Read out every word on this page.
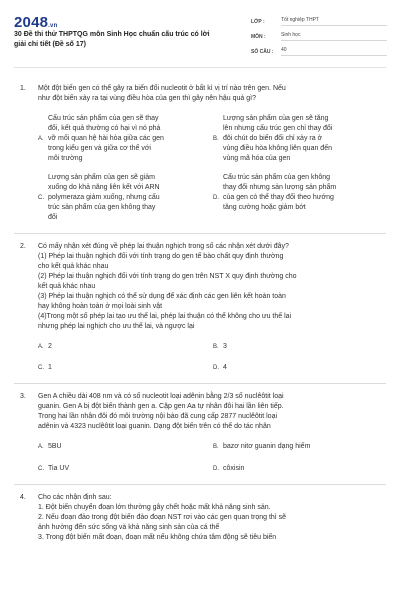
2048.vn
30 Đề thi thử THPTQG môn Sinh Học chuẩn cấu trúc có lời giải chi tiết (Đề số 17)
LỚP :	Tốt nghiệp THPT
MÔN :	Sinh học
SỐ CÂU :	40
1. Một đột biến gen có thể gây ra biến đổi nucleotit ở bất kì vị trí nào trên gen. Nếu
như đột biến xảy ra tại vùng điều hòa của gen thì gây nên hậu quả gì?
A.
Cấu trúc sản phẩm của gen sẽ thay
đổi, kết quả thường có hại vì nó phá
vỡ mối quan hệ hài hòa giữa các gen
trong kiểu gen và giữa cơ thể với
môi trường
B.
Lượng sản phẩm của gen sẽ tăng
lên nhưng cấu trúc gen chỉ thay đổi
đôi chút do biến đổi chỉ xảy ra ở
vùng điều hòa không liên quan đến
vùng mã hóa của gen
C.
Lượng sản phẩm của gen sẽ giảm
xuống do khả năng liên kết với ARN
polymeraza giảm xuống, nhưng cấu
trúc sản phẩm của gen không thay
đổi
D.
Cấu trúc sản phẩm của gen không
thay đổi nhưng sản lượng sản phẩm
của gen có thể thay đổi theo hướng
tăng cường hoặc giảm bớt
2. Có mấy nhận xét đúng về phép lai thuận nghịch trong số các nhận xét dưới đây?
(1) Phép lai thuận nghịch đối với tính trạng do gen tế bào chất quy định thường
cho kết quả khác nhau
(2) Phép lai thuận nghịch đối với tính trạng do gen trên NST X quy định thường cho
kết quả khác nhau
(3) Phép lai thuận nghịch có thể sử dụng để xác định các gen liên kết hoàn toàn
hay không hoàn toàn ở mọi loài sinh vật
(4)Trong một số phép lai tạo ưu thế lai, phép lai thuận có thể không cho ưu thế lai
nhưng phép lai nghịch cho ưu thế lai, và ngược lại
A. 2	B. 3
C. 1	D. 4
3. Gen A chiều dài 408 nm và có số nucleotit loại adênin bằng 2/3 số nuclêôtit loại
guanin. Gen A bị đột biến thành gen a. Cặp gen Aa tự nhân đôi hai lần liên tiếp.
Trong hai lần nhân đôi đó môi trường nội bào đã cung cấp 2877 nuclêôtit loại
adênin và 4323 nuclêôtit loại guanin. Dạng đột biến trên có thể do tác nhân
A. 5BU	B. bazơ nitơ guanin dạng hiếm
C. Tia UV	D. côxisin
4. Cho các nhận định sau:
1. Đột biến chuyển đoạn lớn thường gây chết hoặc mất khả năng sinh sản.
2. Nếu đoạn đảo trong đột biến đảo đoạn NST rơi vào các gen quan trọng thì sẽ
ảnh hưởng đến sức sống và khả năng sinh sản của cá thể
3. Trong đột biến mất đoạn, đoạn mất nếu không chứa tâm động sẽ tiêu biến
